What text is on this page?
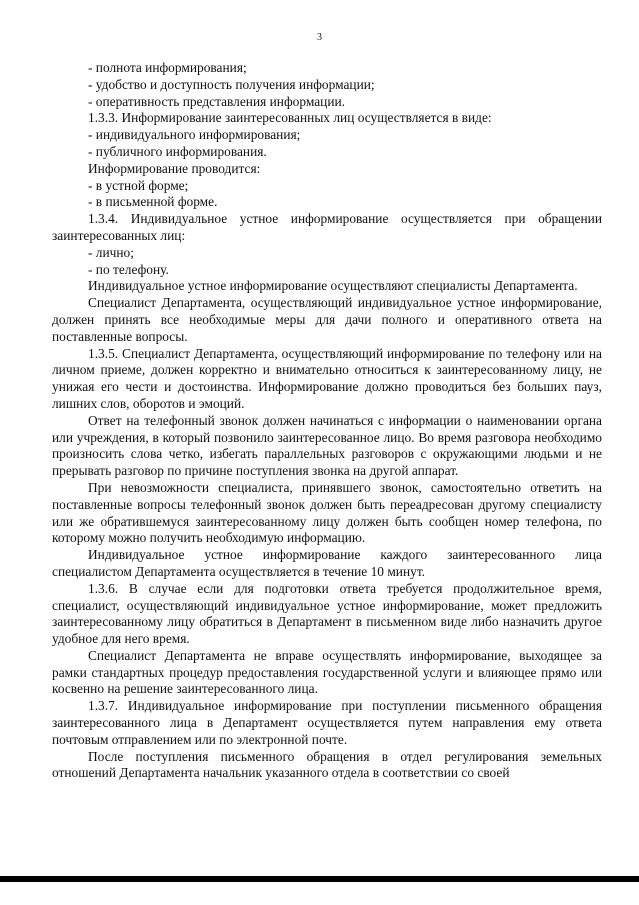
3

- полнота информирования;

- удобство и доступность получения информации;

- оперативность представления информации.

1.3.3. Информирование заинтересованных лиц осуществляется в виде:

- индивидуального информирования;

- публичного информирования.

Информирование проводится:

- в устной форме;

- в письменной форме.

1.3.4. Индивидуальное устное информирование осуществляется при обращении заинтересованных лиц:

- лично;

- по телефону.

Индивидуальное устное информирование осуществляют специалисты Департамента.

Специалист Департамента, осуществляющий индивидуальное устное информирование, должен принять все необходимые меры для дачи полного и оперативного ответа на поставленные вопросы.

1.3.5. Специалист Департамента, осуществляющий информирование по телефону или на личном приеме, должен корректно и внимательно относиться к заинтересованному лицу, не унижая его чести и достоинства. Информирование должно проводиться без больших пауз, лишних слов, оборотов и эмоций.

Ответ на телефонный звонок должен начинаться с информации о наименовании органа или учреждения, в который позвонило заинтересованное лицо. Во время разговора необходимо произносить слова четко, избегать параллельных разговоров с окружающими людьми и не прерывать разговор по причине поступления звонка на другой аппарат.

При невозможности специалиста, принявшего звонок, самостоятельно ответить на поставленные вопросы телефонный звонок должен быть переадресован другому специалисту или же обратившемуся заинтересованному лицу должен быть сообщен номер телефона, по которому можно получить необходимую информацию.

Индивидуальное устное информирование каждого заинтересованного лица специалистом Департамента осуществляется в течение 10 минут.

1.3.6. В случае если для подготовки ответа требуется продолжительное время, специалист, осуществляющий индивидуальное устное информирование, может предложить заинтересованному лицу обратиться в Департамент в письменном виде либо назначить другое удобное для него время.

Специалист Департамента не вправе осуществлять информирование, выходящее за рамки стандартных процедур предоставления государственной услуги и влияющее прямо или косвенно на решение заинтересованного лица.

1.3.7. Индивидуальное информирование при поступлении письменного обращения заинтересованного лица в Департамент осуществляется путем направления ему ответа почтовым отправлением или по электронной почте.

После поступления письменного обращения в отдел регулирования земельных отношений Департамента начальник указанного отдела в соответствии со своей
